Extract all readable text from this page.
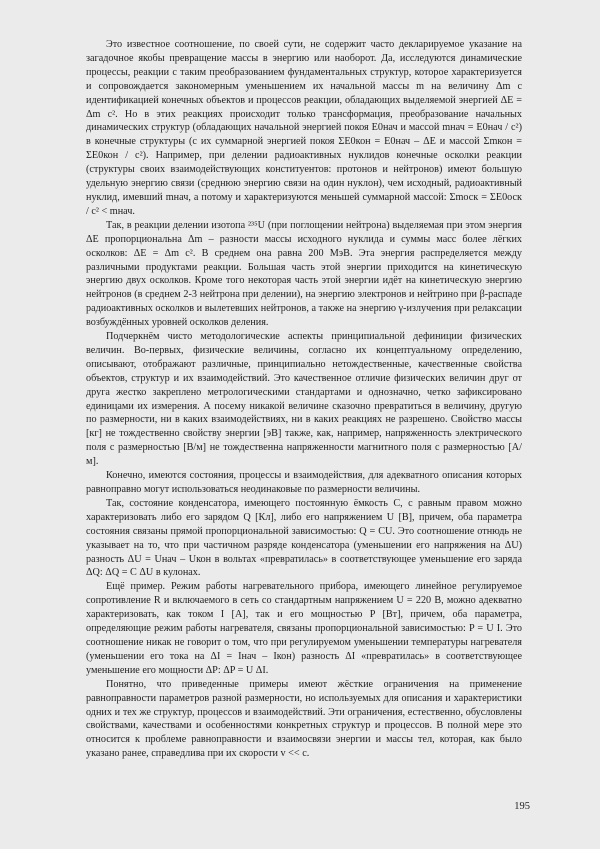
Это известное соотношение, по своей сути, не содержит часто декларируемое указание на загадочное якобы превращение массы в энергию или наоборот. Да, исследуются динамические процессы, реакции с таким преобразованием фундаментальных структур, которое характеризуется и сопровождается закономерным уменьшением их начальной массы m на величину Δm с идентификацией конечных объектов и процессов реакции, обладающих выделяемой энергией ΔE = Δm c². Но в этих реакциях происходит только трансформация, преобразование начальных динамических структур (обладающих начальной энергией покоя E0нач и массой mнач = E0нач / c²) в конечные структуры (с их суммарной энергией покоя ΣE0кон = E0нач – ΔE и массой Σmкон = ΣE0кон / c²). Например, при делении радиоактивных нуклидов конечные осколки реакции (структуры своих взаимодействующих конституентов: протонов и нейтронов) имеют большую удельную энергию связи (среднюю энергию связи на один нуклон), чем исходный, радиоактивный нуклид, имевший mнач, а потому и характеризуются меньшей суммарной массой: Σmоск = ΣE0оск / c² < mнач.

Так, в реакции делении изотопа ²³⁵U (при поглощении нейтрона) выделяемая при этом энергия ΔE пропорциональна Δm – разности массы исходного нуклида и суммы масс более лёгких осколков: ΔE = Δm c². В среднем она равна 200 МэВ. Эта энергия распределяется между различными продуктами реакции. Большая часть этой энергии приходится на кинетическую энергию двух осколков. Кроме того некоторая часть этой энергии идёт на кинетическую энергию нейтронов (в среднем 2-3 нейтрона при делении), на энергию электронов и нейтрино при β-распаде радиоактивных осколков и вылетевших нейтронов, а также на энергию γ-излучения при релаксации возбуждённых уровней осколков деления.

Подчеркнём чисто методологические аспекты принципиальной дефиниции физических величин. Во-первых, физические величины, согласно их концептуальному определению, описывают, отображают различные, принципиально нетождественные, качественные свойства объектов, структур и их взаимодействий. Это качественное отличие физических величин друг от друга жестко закреплено метрологическими стандартами и однозначно, четко зафиксировано единицами их измерения. А посему никакой величине сказочно превратиться в величину, другую по размерности, ни в каких взаимодействиях, ни в каких реакциях не разрешено. Свойство массы [кг] не тождественно свойству энергии [эВ] также, как, например, напряженность электрического поля с размерностью [В/м] не тождественна напряженности магнитного поля с размерностью [А/м].

Конечно, имеются состояния, процессы и взаимодействия, для адекватного описания которых равноправно могут использоваться неодинаковые по размерности величины.

Так, состояние конденсатора, имеющего постоянную ёмкость C, с равным правом можно характеризовать либо его зарядом Q [Кл], либо его напряжением U [В], причем, оба параметра состояния связаны прямой пропорциональной зависимостью: Q = CU. Это соотношение отнюдь не указывает на то, что при частичном разряде конденсатора (уменьшении его напряжения на ΔU) разность ΔU = Uнач – Uкон в вольтах «превратилась» в соответствующее уменьшение его заряда ΔQ: ΔQ = C ΔU в кулонах.

Ещё пример. Режим работы нагревательного прибора, имеющего линейное регулируемое сопротивление R и включаемого в сеть со стандартным напряжением U = 220 В, можно адекватно характеризовать, как током I [А], так и его мощностью P [Вт], причем, оба параметра, определяющие режим работы нагревателя, связаны пропорциональной зависимостью: P = U I. Это соотношение никак не говорит о том, что при регулируемом уменьшении температуры нагревателя (уменьшении его тока на ΔI = Iнач – Iкон) разность ΔI «превратилась» в соответствующее уменьшение его мощности ΔP: ΔP = U ΔI.

Понятно, что приведенные примеры имеют жёсткие ограничения на применение равноправности параметров разной размерности, но используемых для описания и характеристики одних и тех же структур, процессов и взаимодействий. Эти ограничения, естественно, обусловлены свойствами, качествами и особенностями конкретных структур и процессов. В полной мере это относится к проблеме равноправности и взаимосвязи энергии и массы тел, которая, как было указано ранее, справедлива при их скорости v << c.

195
